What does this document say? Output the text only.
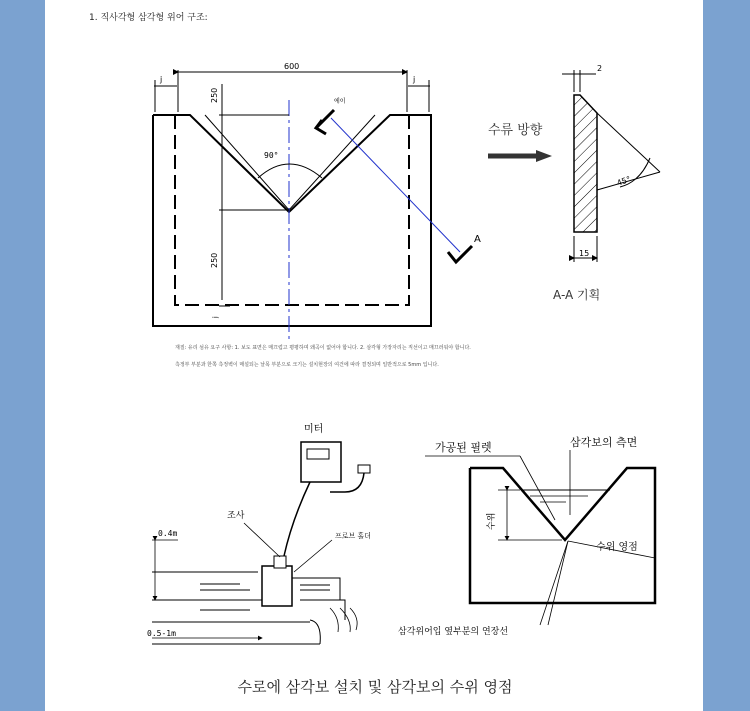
1. 직사각형 삼각형 위어 구조:
에이
A
90°
600
j	j
250
250
j
수류 방향
2
15
45°
A-A 기획
미터
조사
프로브 홀더
0.4m
0.5-1m
수위
가공된 필렛	삼각보의 측면
수위 영점
삼각위어입 옆부분의 연장선
재질: 유리 섬유 요구 사항: 1. 보도 표면은 매끄럽고 평평하며 왜곡이 없어야 합니다. 2. 삼각형 가장자리는 직선이고 매끄러워야 합니다.
측정부 부분과 한쪽 측정벽이 매설되는 날목 부분으로 크기는 설치현장의 여건에 따라 결정되며 일반적으로 5mm 입니다.
수로에 삼각보 설치 및 삼각보의 수위 영점
